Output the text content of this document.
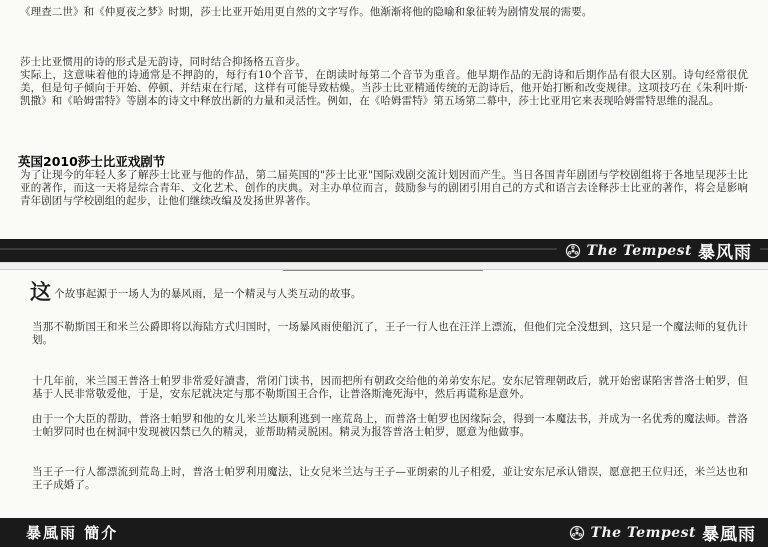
《理查二世》和《仲夏夜之梦》时期，莎士比亚开始用更自然的文字写作。他渐渐将他的隐喻和象征转为剧情发展的需要。

莎士比亚惯用的诗的形式是无韵诗，同时结合抑扬格五音步。

实际上，这意味着他的诗通常是不押韵的，每行有10个音节，在朗读时每第二个音节为重音。他早期作品的无韵诗和后期作品有很大区别。诗句经常很优美，但是句子倾向于开始、停顿、并结束在行尾，这样有可能导致枯燥。当莎士比亚精通传统的无韵诗后，他开始打断和改变规律。这项技巧在《朱利叶斯·凯撒》和《哈姆雷特》等剧本的诗文中释放出新的力量和灵活性。例如，在《哈姆雷特》第五场第二幕中，莎士比亚用它来表现哈姆雷特思维的混乱。

英国2010莎士比亚戏剧节

为了让现今的年轻人多了解莎士比亚与他的作品，第二届英国的"莎士比亚"国际戏剧交流计划因而产生。当日各国青年剧团与学校剧组将于各地呈现莎士比亚的著作，而这一天将是综合青年、文化艺术、创作的庆典。对主办单位而言，鼓励参与的剧团引用自己的方式和语言去诠释莎士比亚的著作，将会是影响青年剧团与学校剧组的起步，让他们继续改编及发扬世界著作。

The Tempest 暴风雨

这个故事起源于一场人为的暴风雨，是一个精灵与人类互动的故事。

当那不勒斯国王和米兰公爵即将以海陆方式归国时，一场暴风雨使船沉了，王子一行人也在汪洋上漂流，但他们完全没想到，这只是一个魔法师的复仇计划。

十几年前，米兰国王普洛士帕罗非常爱好讀書，常闭门读书，因而把所有朝政交给他的弟弟安东尼。安东尼管理朝政后，就开始密谋陷害普洛士帕罗，但基于人民非常敬爱他，于是，安东尼就决定与那不勒斯国王合作，让普洛斯淹死海中，然后再谎称是意外。

由于一个大臣的帮助，普洛士帕罗和他的女儿米兰达顺利逃到一座荒岛上，而普洛士帕罗也因缘际会，得到一本魔法书，并成为一名优秀的魔法师。普洛士帕罗同时也在树洞中发现被囚禁已久的精灵，並帮助精灵脱困。精灵为报答普洛士帕罗，愿意为他做事。

当王子一行人都漂流到荒岛上时，普洛士帕罗利用魔法，让女兒米兰达与王子—亚朗索的儿子相爱，並让安东尼承认错误，愿意把王位归还，米兰达也和王子成婚了。

暴風雨 簡介	The Tempest 暴風雨
